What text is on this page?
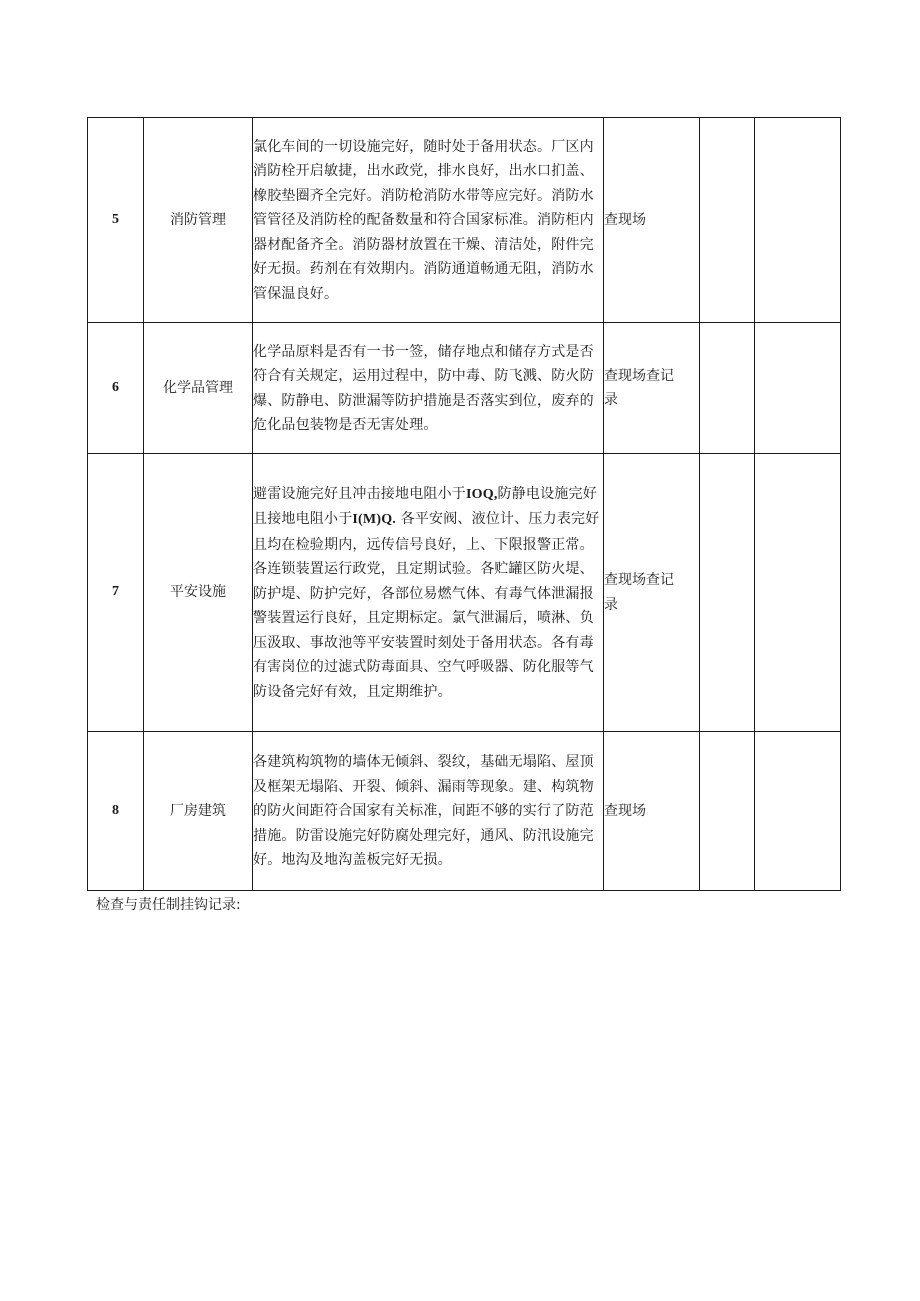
5	消防管理	氯化车间的一切设施完好，随时处于备用状态。厂区内消防栓开启敏捷，出水政党，排水良好，出水口扪盖、橡胶垫圈齐全完好。消防枪消防水带等应完好。消防水管管径及消防栓的配备数量和符合国家标准。消防柜内器材配备齐全。消防器材放置在干燥、清洁处，附件完好无损。药剂在有效期内。消防通道畅通无阻，消防水管保温良好。	查现场		
6	化学品管理	化学品原料是否有一书一签，储存地点和储存方式是否符合有关规定，运用过程中，防中毒、防飞溅、防火防爆、防静电、防泄漏等防护措施是否落实到位，废弃的危化品包装物是否无害处理。	查现场查记录		
7	平安设施	避雷设施完好且冲击接地电阻小于IOQ,防静电设施完好且接地电阻小于I(M)Q. 各平安阀、液位计、压力表完好且均在检验期内，远传信号良好，上、下限报警正常。各连锁装置运行政党，且定期试验。各贮罐区防火堤、防护堤、防护完好，各部位易燃气体、有毒气体泄漏报警装置运行良好，且定期标定。氯气泄漏后，喷淋、负压汲取、事故池等平安装置时刻处于备用状态。各有毒有害岗位的过滤式防毒面具、空气呼吸器、防化服等气防设备完好有效，且定期维护。	查现场查记录		
8	厂房建筑	各建筑构筑物的墙体无倾斜、裂纹，基础无塌陷、屋顶及框架无塌陷、开裂、倾斜、漏雨等现象。建、构筑物的防火间距符合国家有关标准，间距不够的实行了防范措施。防雷设施完好防腐处理完好，通风、防汛设施完好。地沟及地沟盖板完好无损。	查现场		
检查与责任制挂钩记录:
